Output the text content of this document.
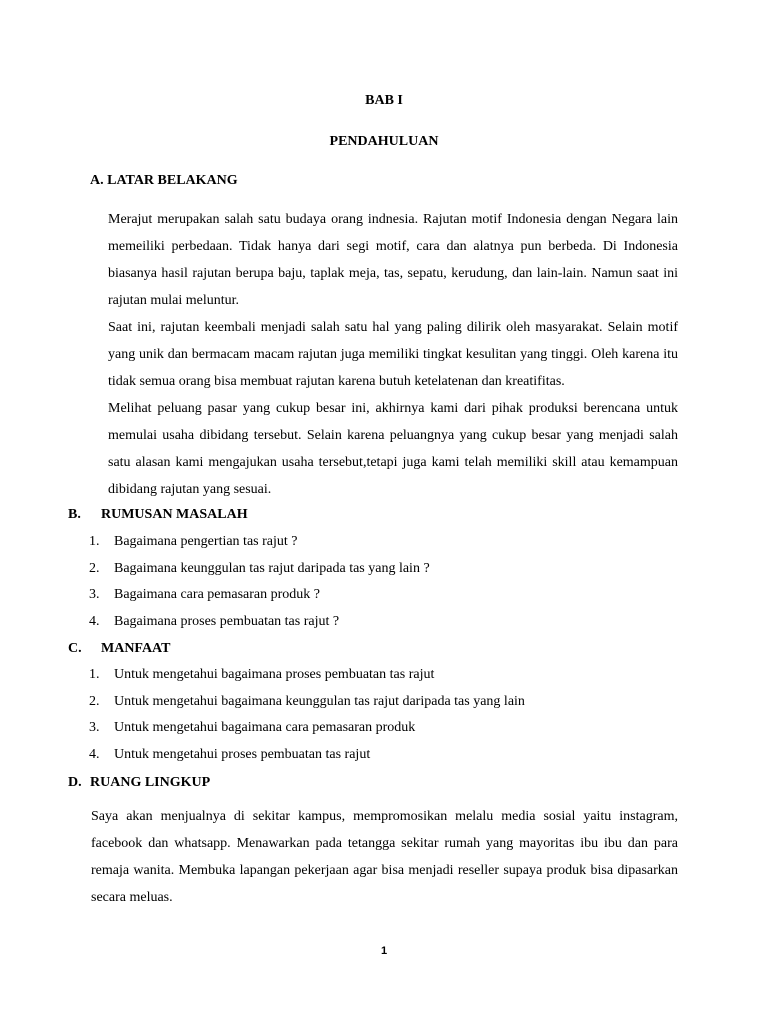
BAB I

PENDAHULUAN

A. LATAR BELAKANG

Merajut merupakan salah satu budaya orang indnesia. Rajutan motif Indonesia dengan Negara lain memeiliki perbedaan. Tidak hanya dari segi motif, cara dan alatnya pun berbeda. Di Indonesia biasanya hasil rajutan berupa baju, taplak meja, tas, sepatu, kerudung, dan lain-lain. Namun saat ini rajutan mulai meluntur.

Saat ini, rajutan keembali menjadi salah satu hal yang paling dilirik oleh masyarakat. Selain motif yang unik dan bermacam macam rajutan juga memiliki tingkat kesulitan yang tinggi. Oleh karena itu tidak semua orang bisa membuat rajutan karena butuh ketelatenan dan kreatifitas.

Melihat peluang pasar yang cukup besar ini, akhirnya kami dari pihak produksi berencana untuk memulai usaha dibidang tersebut. Selain karena peluangnya yang cukup besar yang menjadi salah satu alasan kami mengajukan usaha tersebut,tetapi juga kami telah memiliki skill atau kemampuan dibidang rajutan yang sesuai.

B. RUMUSAN MASALAH

1. Bagaimana pengertian tas rajut ?
2. Bagaimana keunggulan tas rajut daripada tas yang lain ?
3. Bagaimana cara pemasaran produk ?
4. Bagaimana proses pembuatan tas rajut ?

C. MANFAAT

1. Untuk mengetahui bagaimana proses pembuatan tas rajut
2. Untuk mengetahui bagaimana keunggulan tas rajut daripada tas yang lain
3. Untuk mengetahui bagaimana cara pemasaran produk
4. Untuk mengetahui proses pembuatan tas rajut

D. RUANG LINGKUP

Saya akan menjualnya di sekitar kampus, mempromosikan melalu media sosial yaitu instagram, facebook dan whatsapp. Menawarkan pada tetangga sekitar rumah yang mayoritas ibu ibu dan para remaja wanita. Membuka lapangan pekerjaan agar bisa menjadi reseller supaya produk bisa dipasarkan secara meluas.

1
